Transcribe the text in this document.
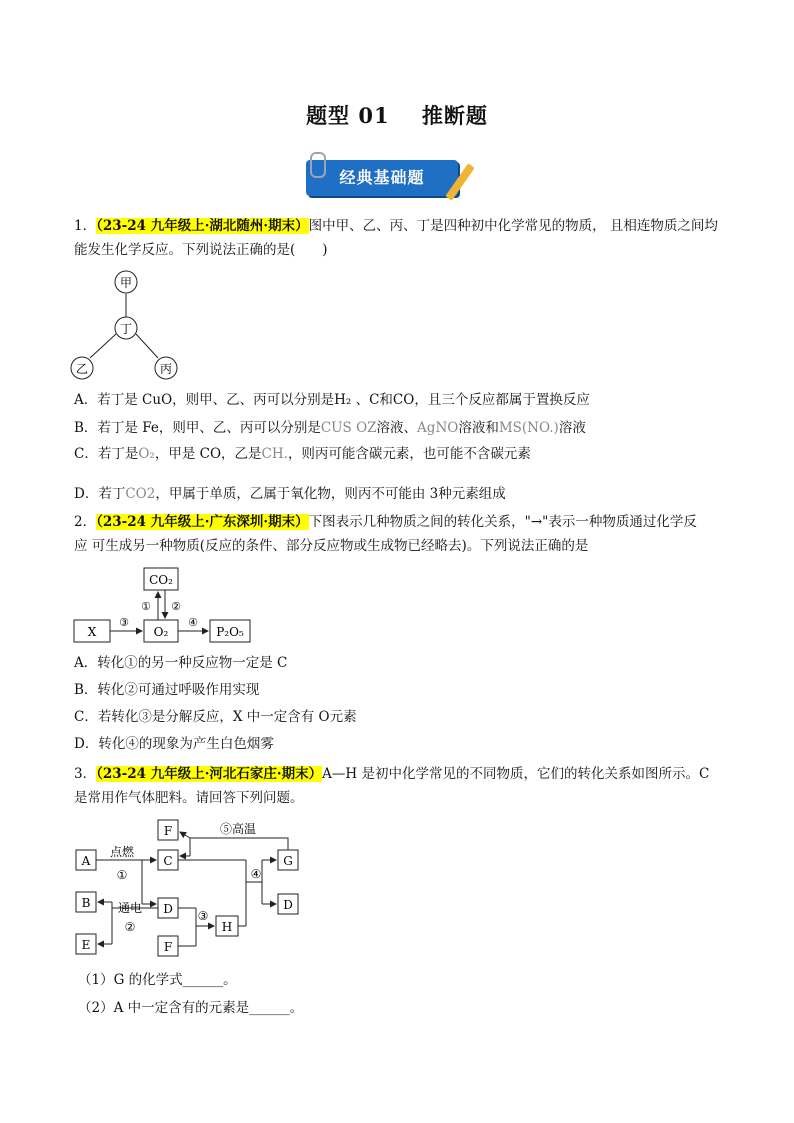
题型 01 推断题
经典基础题
1．（23-24 九年级上·湖北随州·期末）图中甲、乙、丙、丁是四种初中化学常见的物质， 且相连物质之间均
能发生化学反应。下列说法正确的是(　　)
甲
丁
乙	丙
A．若丁是 CuO，则甲、乙、丙可以分别是H₂ 、C和CO，且三个反应都属于置换反应
B．若丁是 Fe，则甲、乙、丙可以分别是CUS OZ溶液、AgNO溶液和MS(NO.)溶液
C．若丁是O₂，甲是 CO，乙是CH.，则丙可能含碳元素，也可能不含碳元素
D．若丁CO2，甲属于单质，乙属于氧化物，则丙不可能由 3种元素组成
2．（23-24 九年级上·广东深圳·期末）下图表示几种物质之间的转化关系，"→"表示一种物质通过化学反
应 可生成另一种物质(反应的条件、部分反应物或生成物已经略去)。下列说法正确的是
CO₂
X	O₂	P₂O₅
① ②
③	④
A．转化①的另一种反应物一定是 C
B．转化②可通过呼吸作用实现
C．若转化③是分解反应，X 中一定含有 O元素
D．转化④的现象为产生白色烟雾
3．（23-24 九年级上·河北石家庄·期末）A—H 是初中化学常见的不同物质，它们的转化关系如图所示。C
是常用作气体肥料。请回答下列问题。
F
A	C	G
B	D	D
H
E	F
⑤高温
点燃
①
通电
②
③
④
（1）G 的化学式______。
（2）A 中一定含有的元素是______。
